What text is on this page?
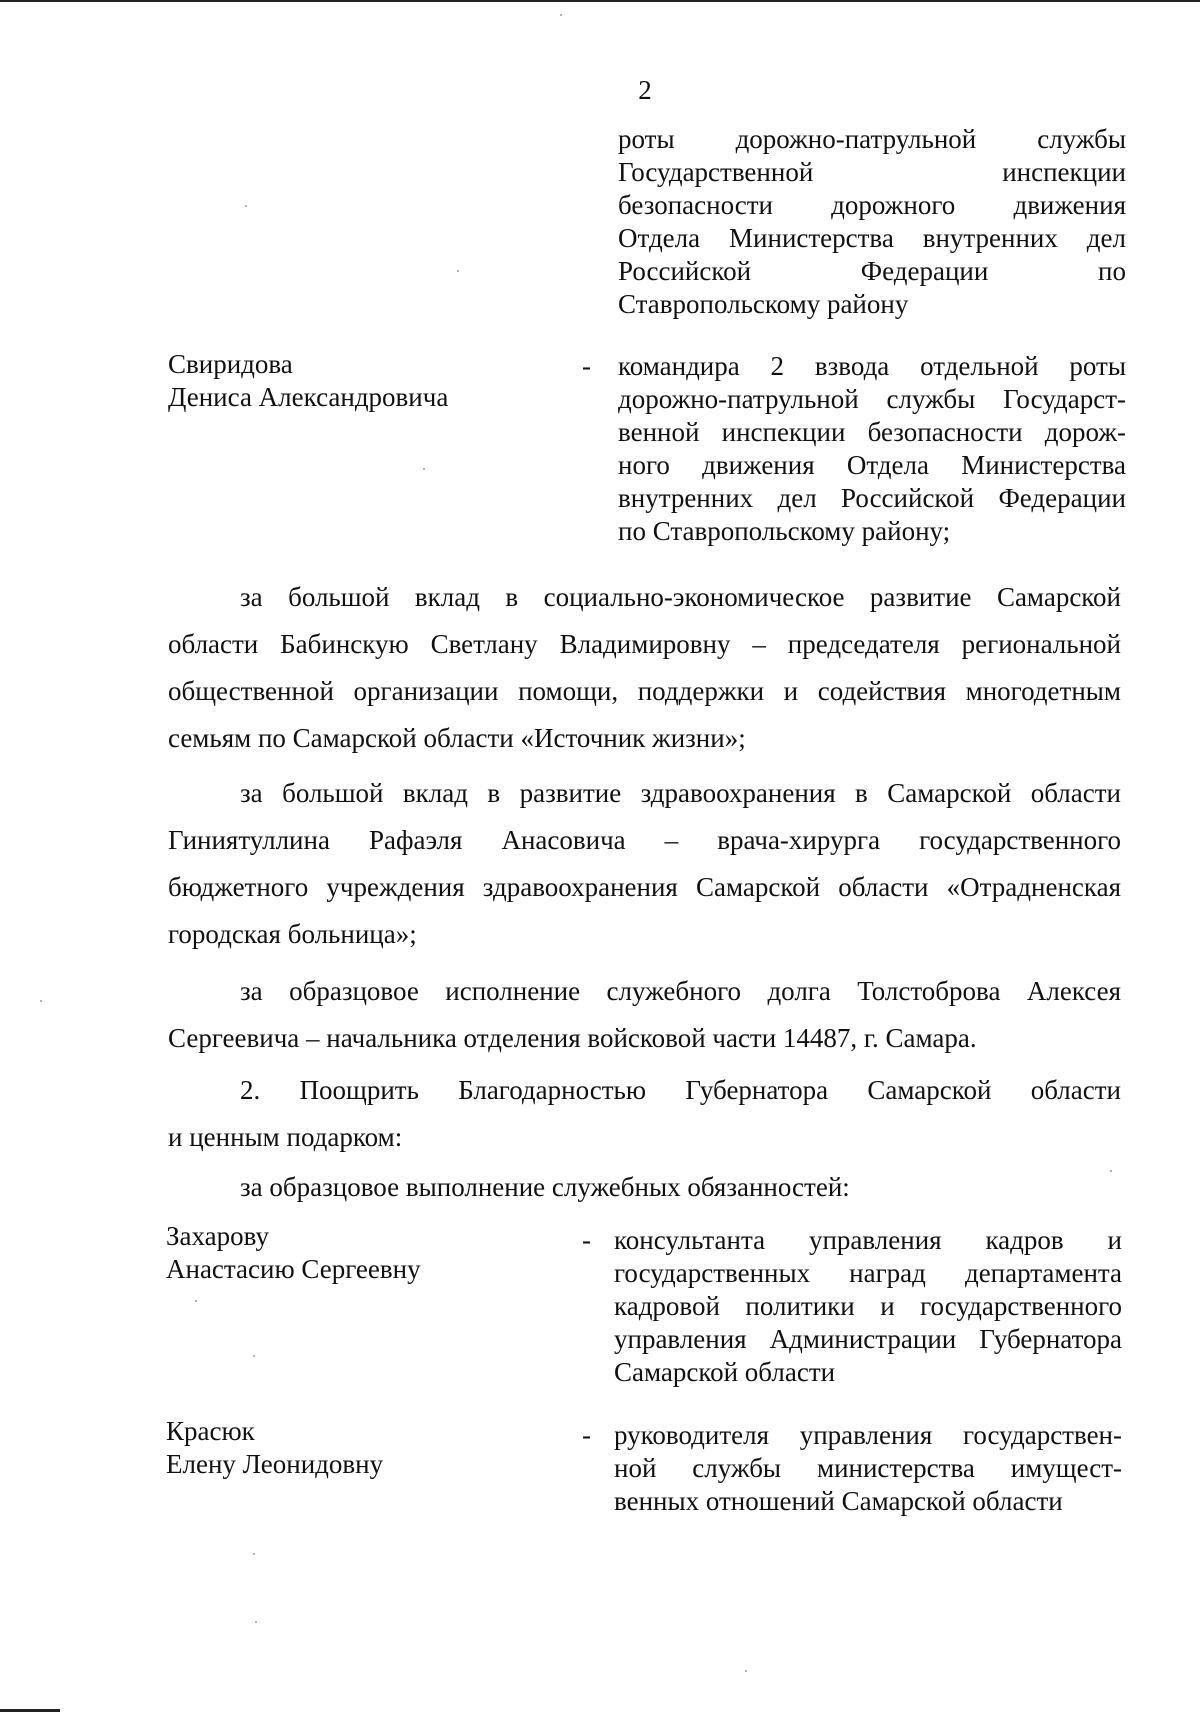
2
роты дорожно-патрульной службы
Государственной инспекции
безопасности дорожного движения
Отдела Министерства внутренних дел
Российской Федерации по
Ставропольскому району
Свиридова
Дениса Александровича
- командира 2 взвода отдельной роты
дорожно-патрульной службы Государст-
венной инспекции безопасности дорож-
ного движения Отдела Министерства
внутренних дел Российской Федерации
по Ставропольскому району;
за большой вклад в социально-экономическое развитие Самарской
области Бабинскую Светлану Владимировну – председателя региональной
общественной организации помощи, поддержки и содействия многодетным
семьям по Самарской области «Источник жизни»;
за большой вклад в развитие здравоохранения в Самарской области
Гиниятуллина Рафаэля Анасовича – врача-хирурга государственного
бюджетного учреждения здравоохранения Самарской области «Отрадненская
городская больница»;
за образцовое исполнение служебного долга Толстоброва Алексея
Сергеевича – начальника отделения войсковой части 14487, г. Самара.
2. Поощрить Благодарностью Губернатора Самарской области
и ценным подарком:
за образцовое выполнение служебных обязанностей:
Захарову
Анастасию Сергеевну
- консультанта управления кадров и
государственных наград департамента
кадровой политики и государственного
управления Администрации Губернатора
Самарской области
Красюк
Елену Леонидовну
- руководителя управления государствен-
ной службы министерства имущест-
венных отношений Самарской области
